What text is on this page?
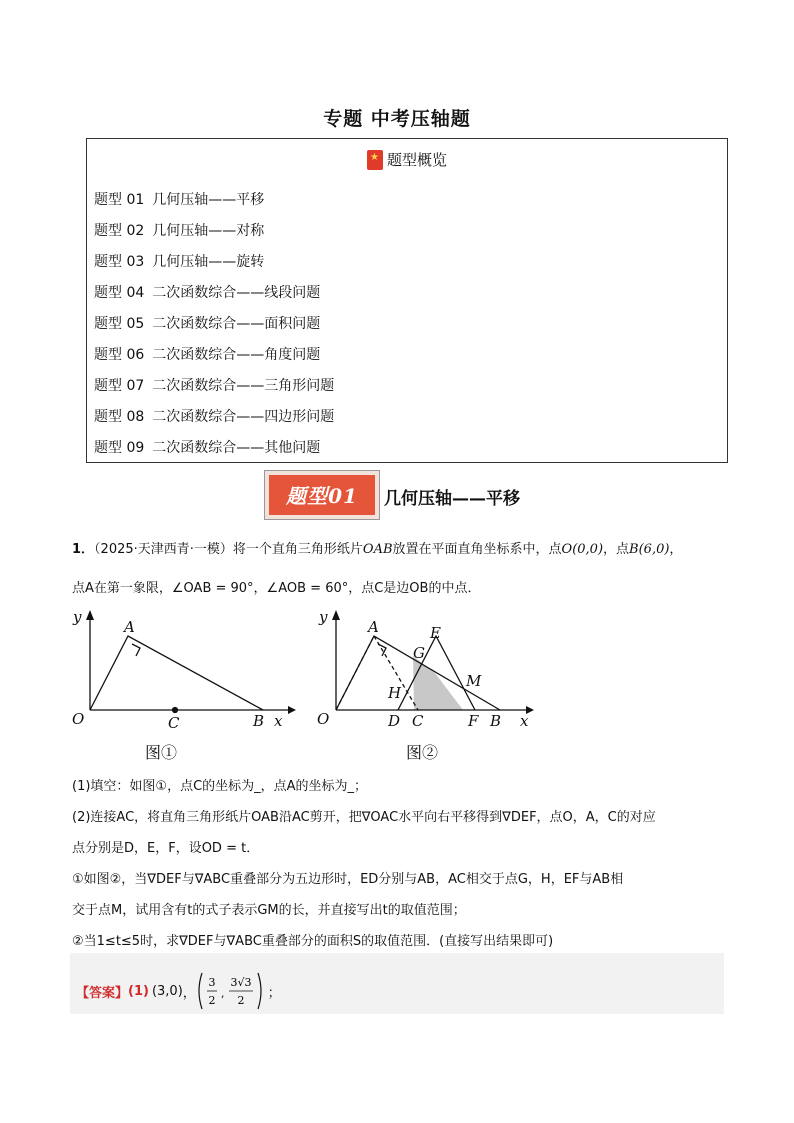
专题 中考压轴题
★
题型概览
题型 01 几何压轴——平移
题型 02 几何压轴——对称
题型 03 几何压轴——旋转
题型 04 二次函数综合——线段问题
题型 05 二次函数综合——面积问题
题型 06 二次函数综合——角度问题
题型 07 二次函数综合——三角形问题
题型 08 二次函数综合——四边形问题
题型 09 二次函数综合——其他问题
题型01	几何压轴——平移
1．（2025·天津西青·一模）将一个直角三角形纸片OAB放置在平面直角坐标系中，点O(0,0)，点B(6,0)，
点A在第一象限，∠OAB = 90°，∠AOB = 60°，点C是边OB的中点．
y
O
A
C	B x
图①
y
O
A	E
G
M
H
D C	F B x
图②
(1)填空：如图①，点C的坐标为_，点A的坐标为_；
(2)连接AC，将直角三角形纸片OAB沿AC剪开，把∇OAC水平向右平移得到∇DEF，点O，A，C的对应
点分别是D，E，F，设OD = t．
①如图②，当∇DEF与∇ABC重叠部分为五边形时，ED分别与AB，AC相交于点G，H，EF与AB相
交于点M，试用含有t的式子表示GM的长，并直接写出t的取值范围；
②当1≤t≤5时，求∇DEF与∇ABC重叠部分的面积S的取值范围．(直接写出结果即可)
【答案】 (1) (3,0) ，
3
2
,
3√3
2 ；
